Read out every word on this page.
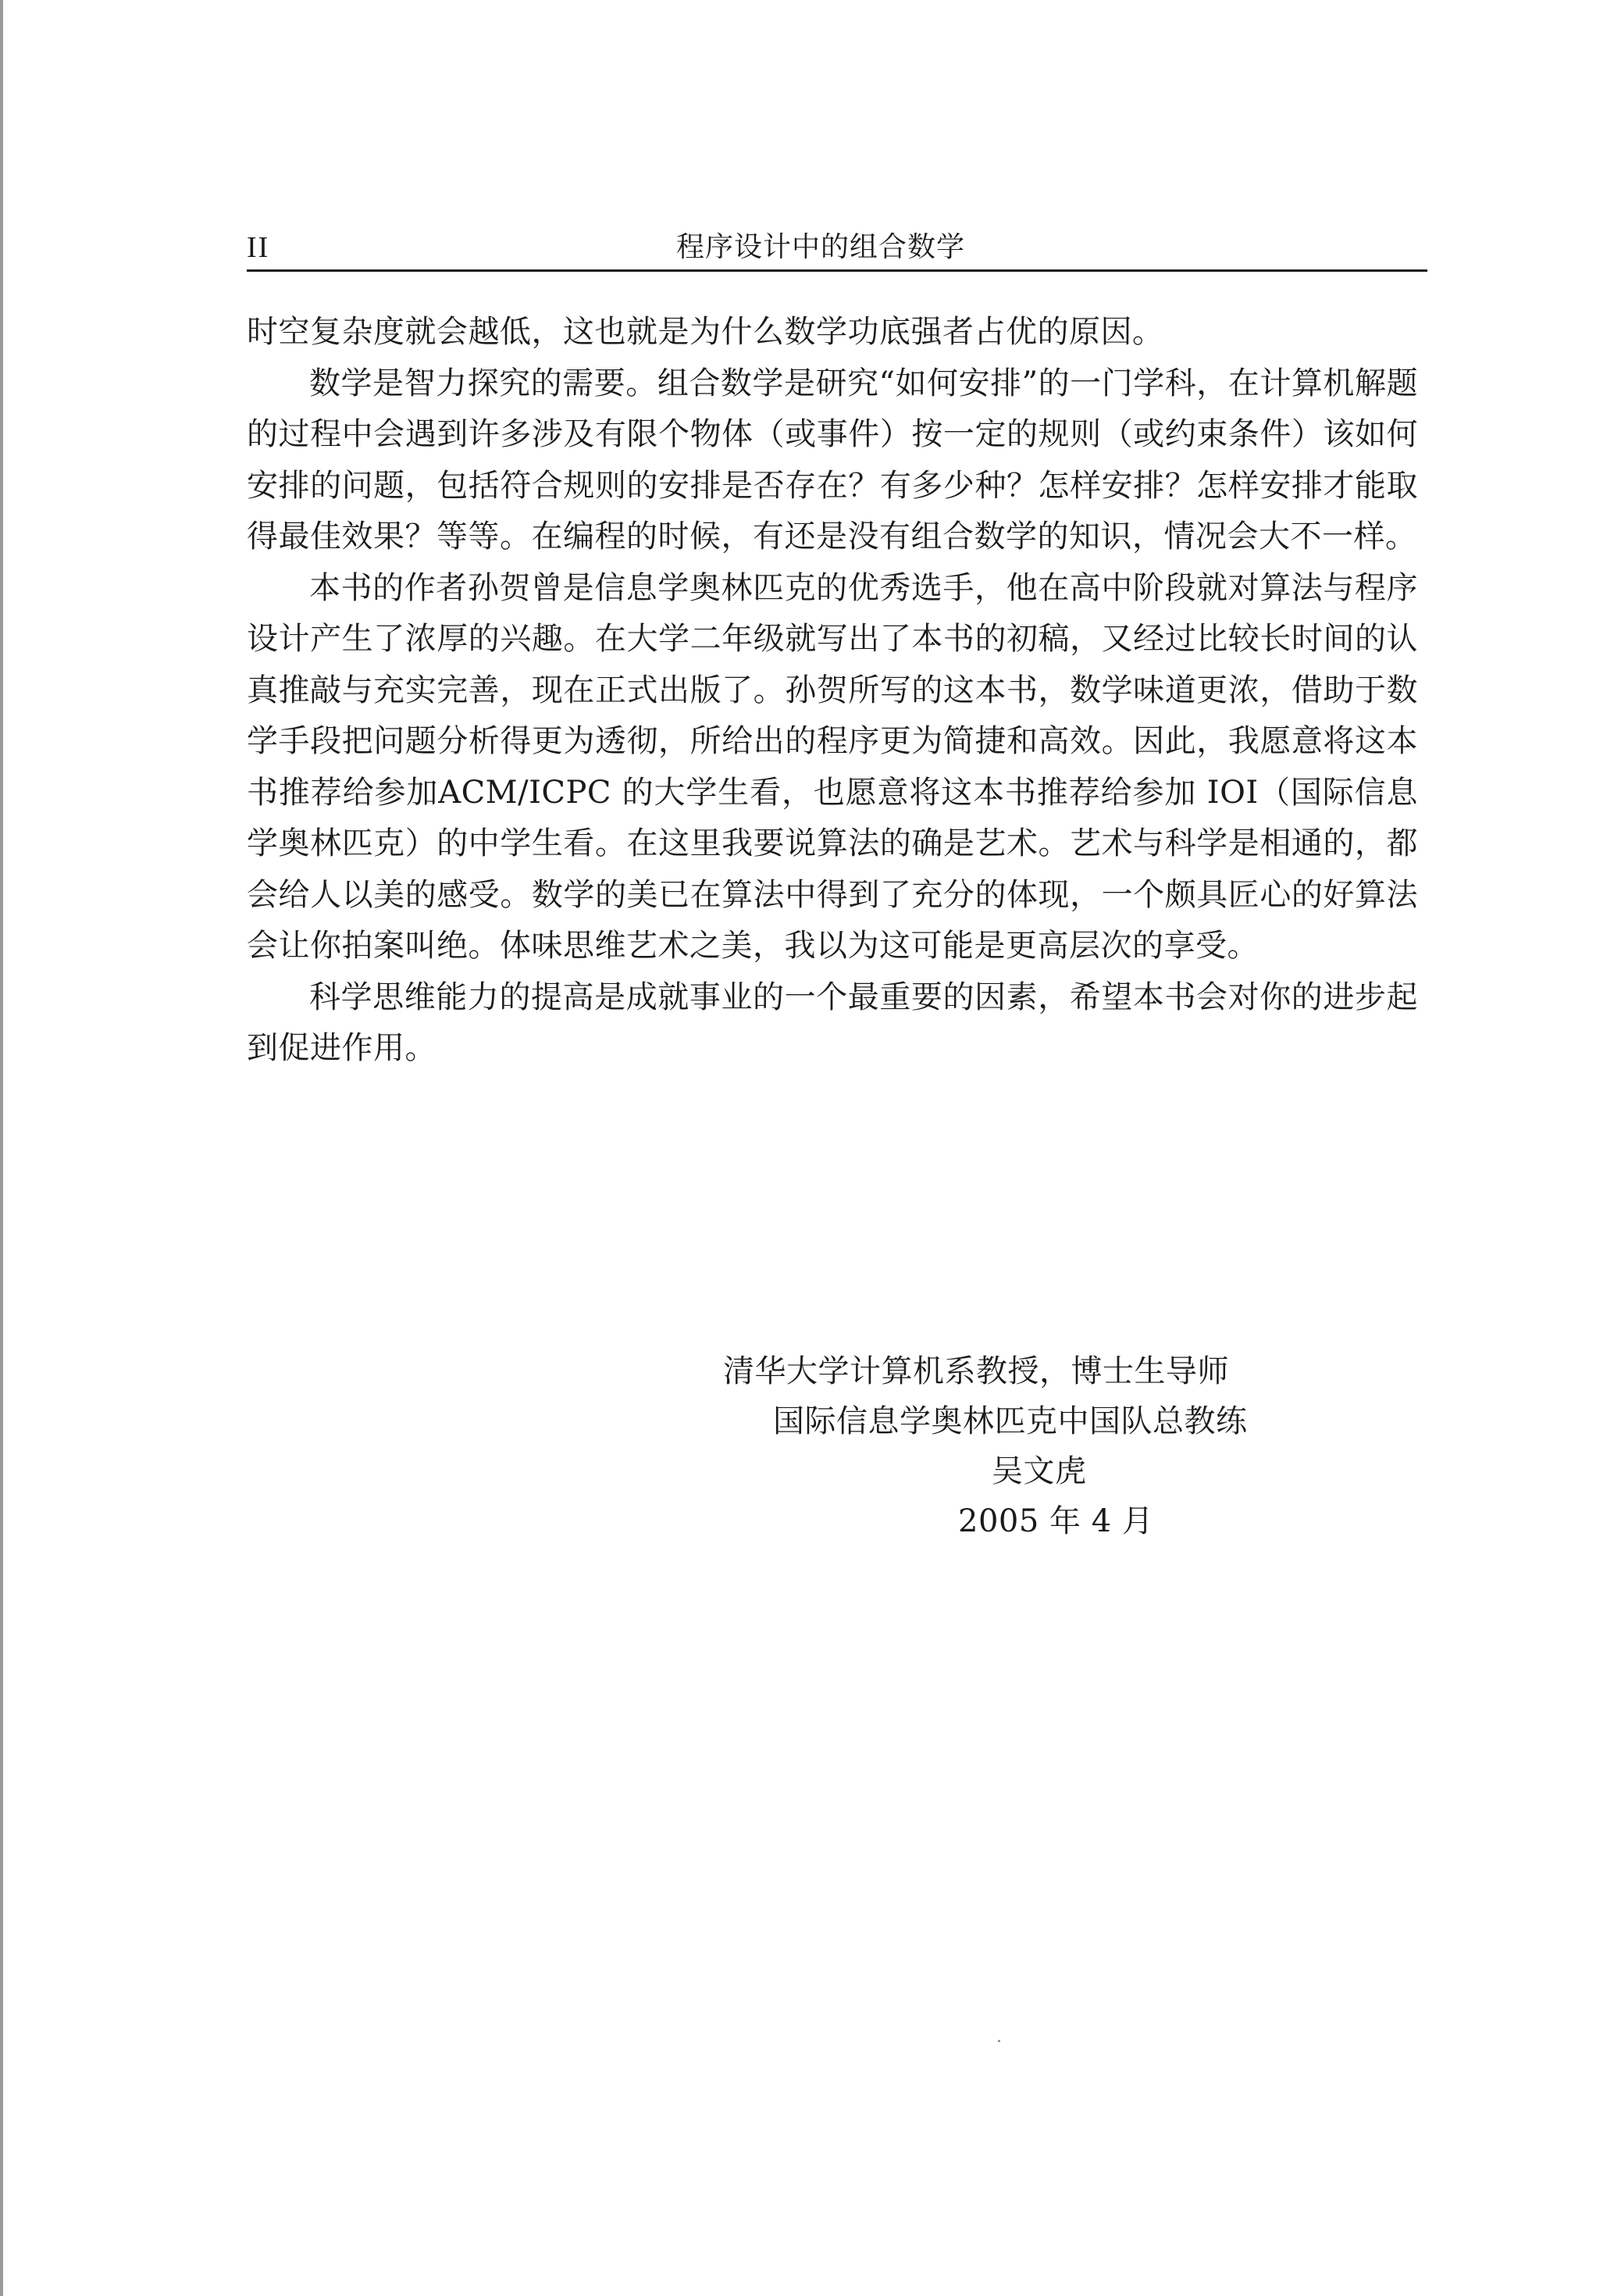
II	程序设计中的组合数学

时空复杂度就会越低，这也就是为什么数学功底强者占优的原因。

数学是智力探究的需要。组合数学是研究“如何安排”的一门学科，在计算机解题的过程中会遇到许多涉及有限个物体（或事件）按一定的规则（或约束条件）该如何安排的问题，包括符合规则的安排是否存在？有多少种？怎样安排？怎样安排才能取得最佳效果？等等。在编程的时候，有还是没有组合数学的知识，情况会大不一样。

本书的作者孙贺曾是信息学奥林匹克的优秀选手，他在高中阶段就对算法与程序设计产生了浓厚的兴趣。在大学二年级就写出了本书的初稿，又经过比较长时间的认真推敲与充实完善，现在正式出版了。孙贺所写的这本书，数学味道更浓，借助于数学手段把问题分析得更为透彻，所给出的程序更为简捷和高效。因此，我愿意将这本书推荐给参加ACM/ICPC 的大学生看，也愿意将这本书推荐给参加 IOI（国际信息学奥林匹克）的中学生看。在这里我要说算法的确是艺术。艺术与科学是相通的，都会给人以美的感受。数学的美已在算法中得到了充分的体现，一个颇具匠心的好算法会让你拍案叫绝。体味思维艺术之美，我以为这可能是更高层次的享受。

科学思维能力的提高是成就事业的一个最重要的因素，希望本书会对你的进步起到促进作用。

清华大学计算机系教授，博士生导师
国际信息学奥林匹克中国队总教练
吴文虎
2005 年 4 月
